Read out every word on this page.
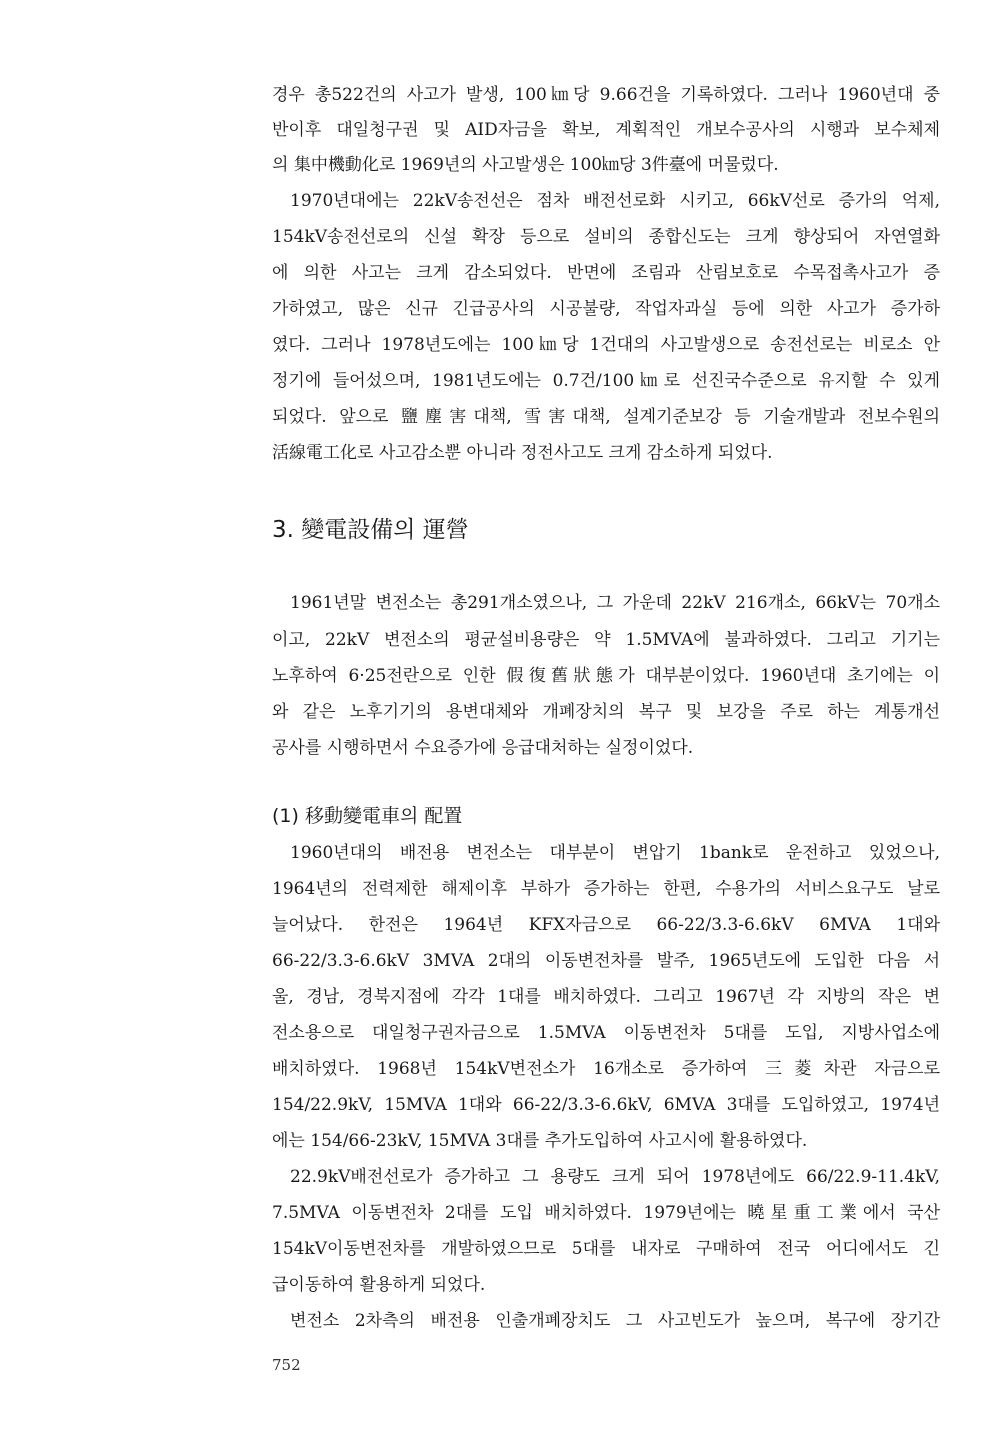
경우 총522건의 사고가 발생, 100㎞당 9.66건을 기록하였다. 그러나 1960년대 중
반이후 대일청구권 및 AID자금을 확보, 계획적인 개보수공사의 시행과 보수체제
의 集中機動化로 1969년의 사고발생은 100㎞당 3件臺에 머물렀다.
1970년대에는 22kV송전선은 점차 배전선로화 시키고, 66kV선로 증가의 억제,
154kV송전선로의 신설 확장 등으로 설비의 종합신도는 크게 향상되어 자연열화
에 의한 사고는 크게 감소되었다. 반면에 조림과 산림보호로 수목접촉사고가 증
가하였고, 많은 신규 긴급공사의 시공불량, 작업자과실 등에 의한 사고가 증가하
였다. 그러나 1978년도에는 100㎞당 1건대의 사고발생으로 송전선로는 비로소 안
정기에 들어섰으며, 1981년도에는 0.7건/100㎞로 선진국수준으로 유지할 수 있게
되었다. 앞으로 鹽塵害대책, 雪害대책, 설계기준보강 등 기술개발과 전보수원의
活線電工化로 사고감소뿐 아니라 정전사고도 크게 감소하게 되었다.
3. 變電設備의 運營
1961년말 변전소는 총291개소였으나, 그 가운데 22kV 216개소, 66kV는 70개소
이고, 22kV 변전소의 평균설비용량은 약 1.5MVA에 불과하였다. 그리고 기기는
노후하여 6·25전란으로 인한 假復舊狀態가 대부분이었다. 1960년대 초기에는 이
와 같은 노후기기의 용변대체와 개폐장치의 복구 및 보강을 주로 하는 계통개선
공사를 시행하면서 수요증가에 응급대처하는 실정이었다.
(1) 移動變電車의 配置
1960년대의 배전용 변전소는 대부분이 변압기 1bank로 운전하고 있었으나,
1964년의 전력제한 해제이후 부하가 증가하는 한편, 수용가의 서비스요구도 날로
늘어났다. 한전은 1964년 KFX자금으로 66-22/3.3-6.6kV 6MVA 1대와
66-22/3.3-6.6kV 3MVA 2대의 이동변전차를 발주, 1965년도에 도입한 다음 서
울, 경남, 경북지점에 각각 1대를 배치하였다. 그리고 1967년 각 지방의 작은 변
전소용으로 대일청구권자금으로 1.5MVA 이동변전차 5대를 도입, 지방사업소에
배치하였다. 1968년 154kV변전소가 16개소로 증가하여 三菱차관 자금으로
154/22.9kV, 15MVA 1대와 66-22/3.3-6.6kV, 6MVA 3대를 도입하였고, 1974년
에는 154/66-23kV, 15MVA 3대를 추가도입하여 사고시에 활용하였다.
22.9kV배전선로가 증가하고 그 용량도 크게 되어 1978년에도 66/22.9-11.4kV,
7.5MVA 이동변전차 2대를 도입 배치하였다. 1979년에는 曉星重工業에서 국산
154kV이동변전차를 개발하였으므로 5대를 내자로 구매하여 전국 어디에서도 긴
급이동하여 활용하게 되었다.
변전소 2차측의 배전용 인출개폐장치도 그 사고빈도가 높으며, 복구에 장기간
752
